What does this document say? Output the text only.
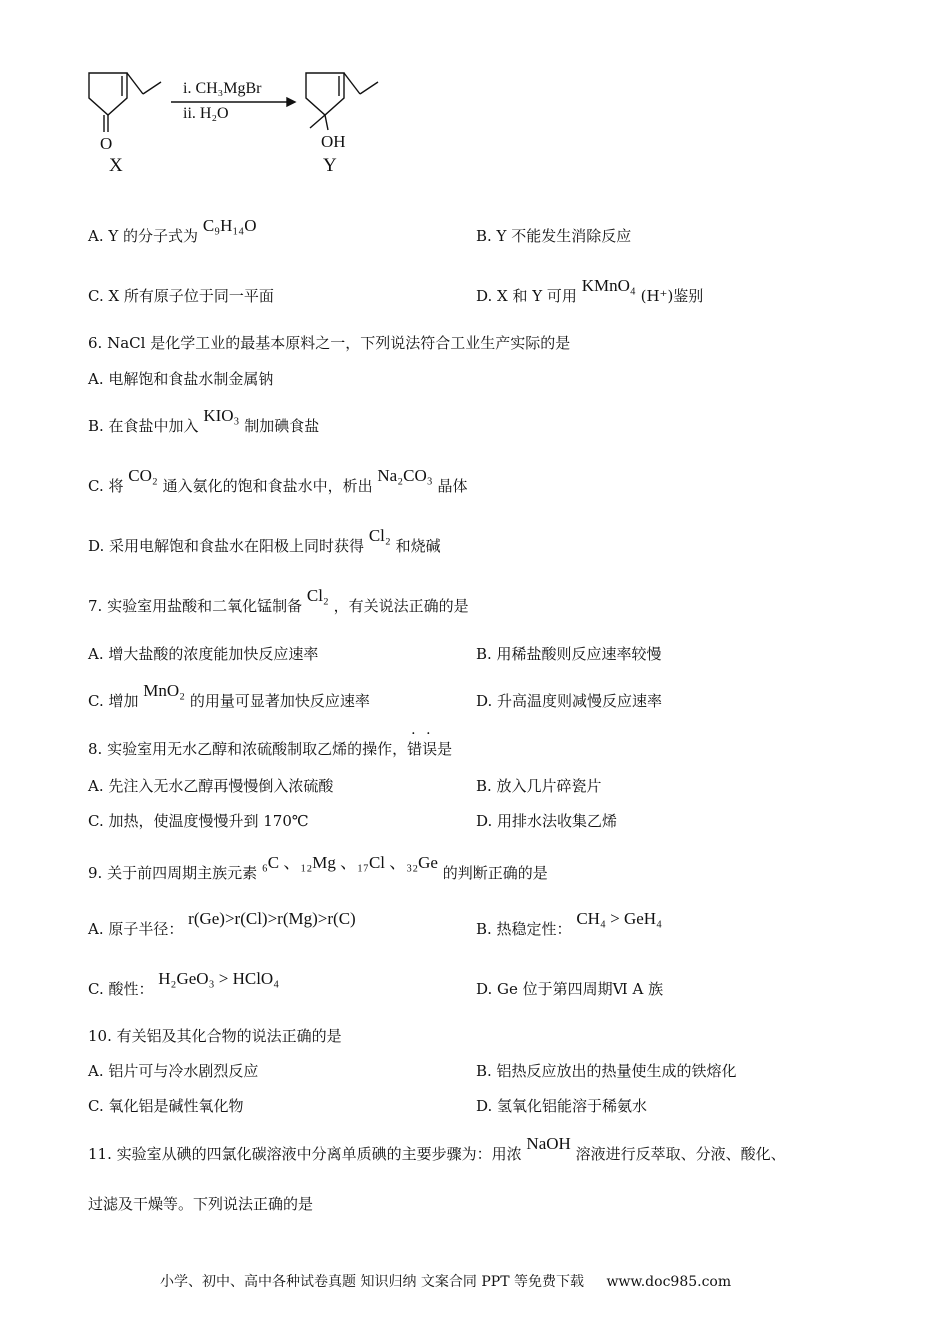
i. CH₃MgBr
ii. H₂O
O
X
OH
Y
A. Y 的分子式为 C₉H₁₄O
B. Y 不能发生消除反应
C. X 所有原子位于同一平面	D. X 和 Y 可用 KMnO₄ (H⁺)鉴别
6. NaCl 是化学工业的最基本原料之一，下列说法符合工业生产实际的是
A. 电解饱和食盐水制金属钠
B. 在食盐中加入 KIO₃ 制加碘食盐
C. 将 CO₂ 通入氨化的饱和食盐水中，析出 Na₂CO₃ 晶体
D. 采用电解饱和食盐水在阳极上同时获得 Cl₂ 和烧碱
7. 实验室用盐酸和二氧化锰制备 Cl₂ ，有关说法正确的是
A. 增大盐酸的浓度能加快反应速率	B. 用稀盐酸则反应速率较慢
C. 增加 MnO₂ 的用量可显著加快反应速率	D. 升高温度则减慢反应速率
8. 实验室用无水乙醇和浓硫酸制取乙烯的操作，错误是
A. 先注入无水乙醇再慢慢倒入浓硫酸	B. 放入几片碎瓷片
C. 加热，使温度慢慢升到 170℃	D. 用排水法收集乙烯
9. 关于前四周期主族元素 ₆C 、₁₂Mg 、₁₇Cl 、₃₂Ge 的判断正确的是
A. 原子半径： r(Ge)>r(Cl)>r(Mg)>r(C)
B. 热稳定性： CH₄ > GeH₄
C. 酸性： H₂GeO₃ > HClO₄
D. Ge 位于第四周期Ⅵ A 族
10. 有关铝及其化合物的说法正确的是
A. 铝片可与冷水剧烈反应	B. 铝热反应放出的热量使生成的铁熔化
C. 氧化铝是碱性氧化物	D. 氢氧化铝能溶于稀氨水
11. 实验室从碘的四氯化碳溶液中分离单质碘的主要步骤为：用浓 NaOH 溶液进行反萃取、分液、酸化、
过滤及干燥等。下列说法正确的是
小学、初中、高中各种试卷真题 知识归纳 文案合同 PPT 等免费下载 www.doc985.com
